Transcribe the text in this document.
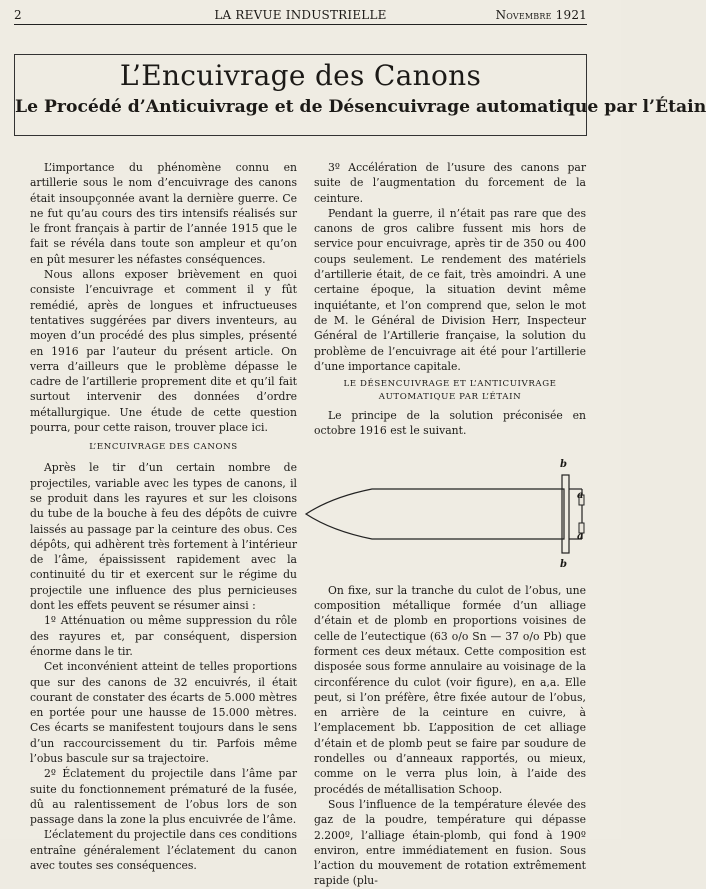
2	LA REVUE INDUSTRIELLE	Novembre 1921
L’Encuivrage des Canons
Le Procédé d’Anticuivrage et de Désencuivrage automatique par l’Étain

L’importance du phénomène connu en artillerie sous le nom d’encuivrage des canons était insoupçonnée avant la dernière guerre. Ce ne fut qu’au cours des tirs intensifs réalisés sur le front français à partir de l’année 1915 que le fait se révéla dans toute son ampleur et qu’on en pût mesurer les néfastes conséquences.

Nous allons exposer brièvement en quoi consiste l’encuivrage et comment il y fût remédié, après de longues et infructueuses tentatives suggérées par divers inventeurs, au moyen d’un procédé des plus simples, présenté en 1916 par l’auteur du présent article. On verra d’ailleurs que le problème dépasse le cadre de l’artillerie proprement dite et qu’il fait surtout intervenir des données d’ordre métallurgique. Une étude de cette question pourra, pour cette raison, trouver place ici.

L’ENCUIVRAGE DES CANONS

Après le tir d’un certain nombre de projectiles, variable avec les types de canons, il se produit dans les rayures et sur les cloisons du tube de la bouche à feu des dépôts de cuivre laissés au passage par la ceinture des obus. Ces dépôts, qui adhèrent très fortement à l’intérieur de l’âme, épaississent rapidement avec la continuité du tir et exercent sur le régime du projectile une influence des plus pernicieuses dont les effets peuvent se résumer ainsi :

1º Atténuation ou même suppression du rôle des rayures et, par conséquent, dispersion énorme dans le tir.

Cet inconvénient atteint de telles proportions que sur des canons de 32 encuivrés, il était courant de constater des écarts de 5.000 mètres en portée pour une hausse de 15.000 mètres. Ces écarts se manifestent toujours dans le sens d’un raccourcissement du tir. Parfois même l’obus bascule sur sa trajectoire.

2º Éclatement du projectile dans l’âme par suite du fonctionnement prématuré de la fusée, dû au ralentissement de l’obus lors de son passage dans la zone la plus encuivrée de l’âme.

L’éclatement du projectile dans ces conditions entraîne généralement l’éclatement du canon avec toutes ses conséquences.

3º Accélération de l’usure des canons par suite de l’augmentation du forcement de la ceinture.

Pendant la guerre, il n’était pas rare que des canons de gros calibre fussent mis hors de service pour encuivrage, après tir de 350 ou 400 coups seulement. Le rendement des matériels d’artillerie était, de ce fait, très amoindri. A une certaine époque, la situation devint même inquiétante, et l’on comprend que, selon le mot de M. le Général de Division Herr, Inspecteur Général de l’Artillerie française, la solution du problème de l’encuivrage ait été pour l’artillerie d’une importance capitale.

LE DÉSENCUIVRAGE ET L’ANTICUIVRAGE AUTOMATIQUE PAR L’ÉTAIN

Le principe de la solution préconisée en octobre 1916 est le suivant.

b
b
a
a

On fixe, sur la tranche du culot de l’obus, une composition métallique formée d’un alliage d’étain et de plomb en proportions voisines de celle de l’eutectique (63 o/o Sn — 37 o/o Pb) que forment ces deux métaux. Cette composition est disposée sous forme annulaire au voisinage de la circonférence du culot (voir figure), en a,a. Elle peut, si l’on préfère, être fixée autour de l’obus, en arrière de la ceinture en cuivre, à l’emplacement bb. L’apposition de cet alliage d’étain et de plomb peut se faire par soudure de rondelles ou d’anneaux rapportés, ou mieux, comme on le verra plus loin, à l’aide des procédés de métallisation Schoop.

Sous l’influence de la température élevée des gaz de la poudre, température qui dépasse 2.200º, l’alliage étain-plomb, qui fond à 190º environ, entre immédiatement en fusion. Sous l’action du mouvement de rotation extrêmement rapide (plu-
